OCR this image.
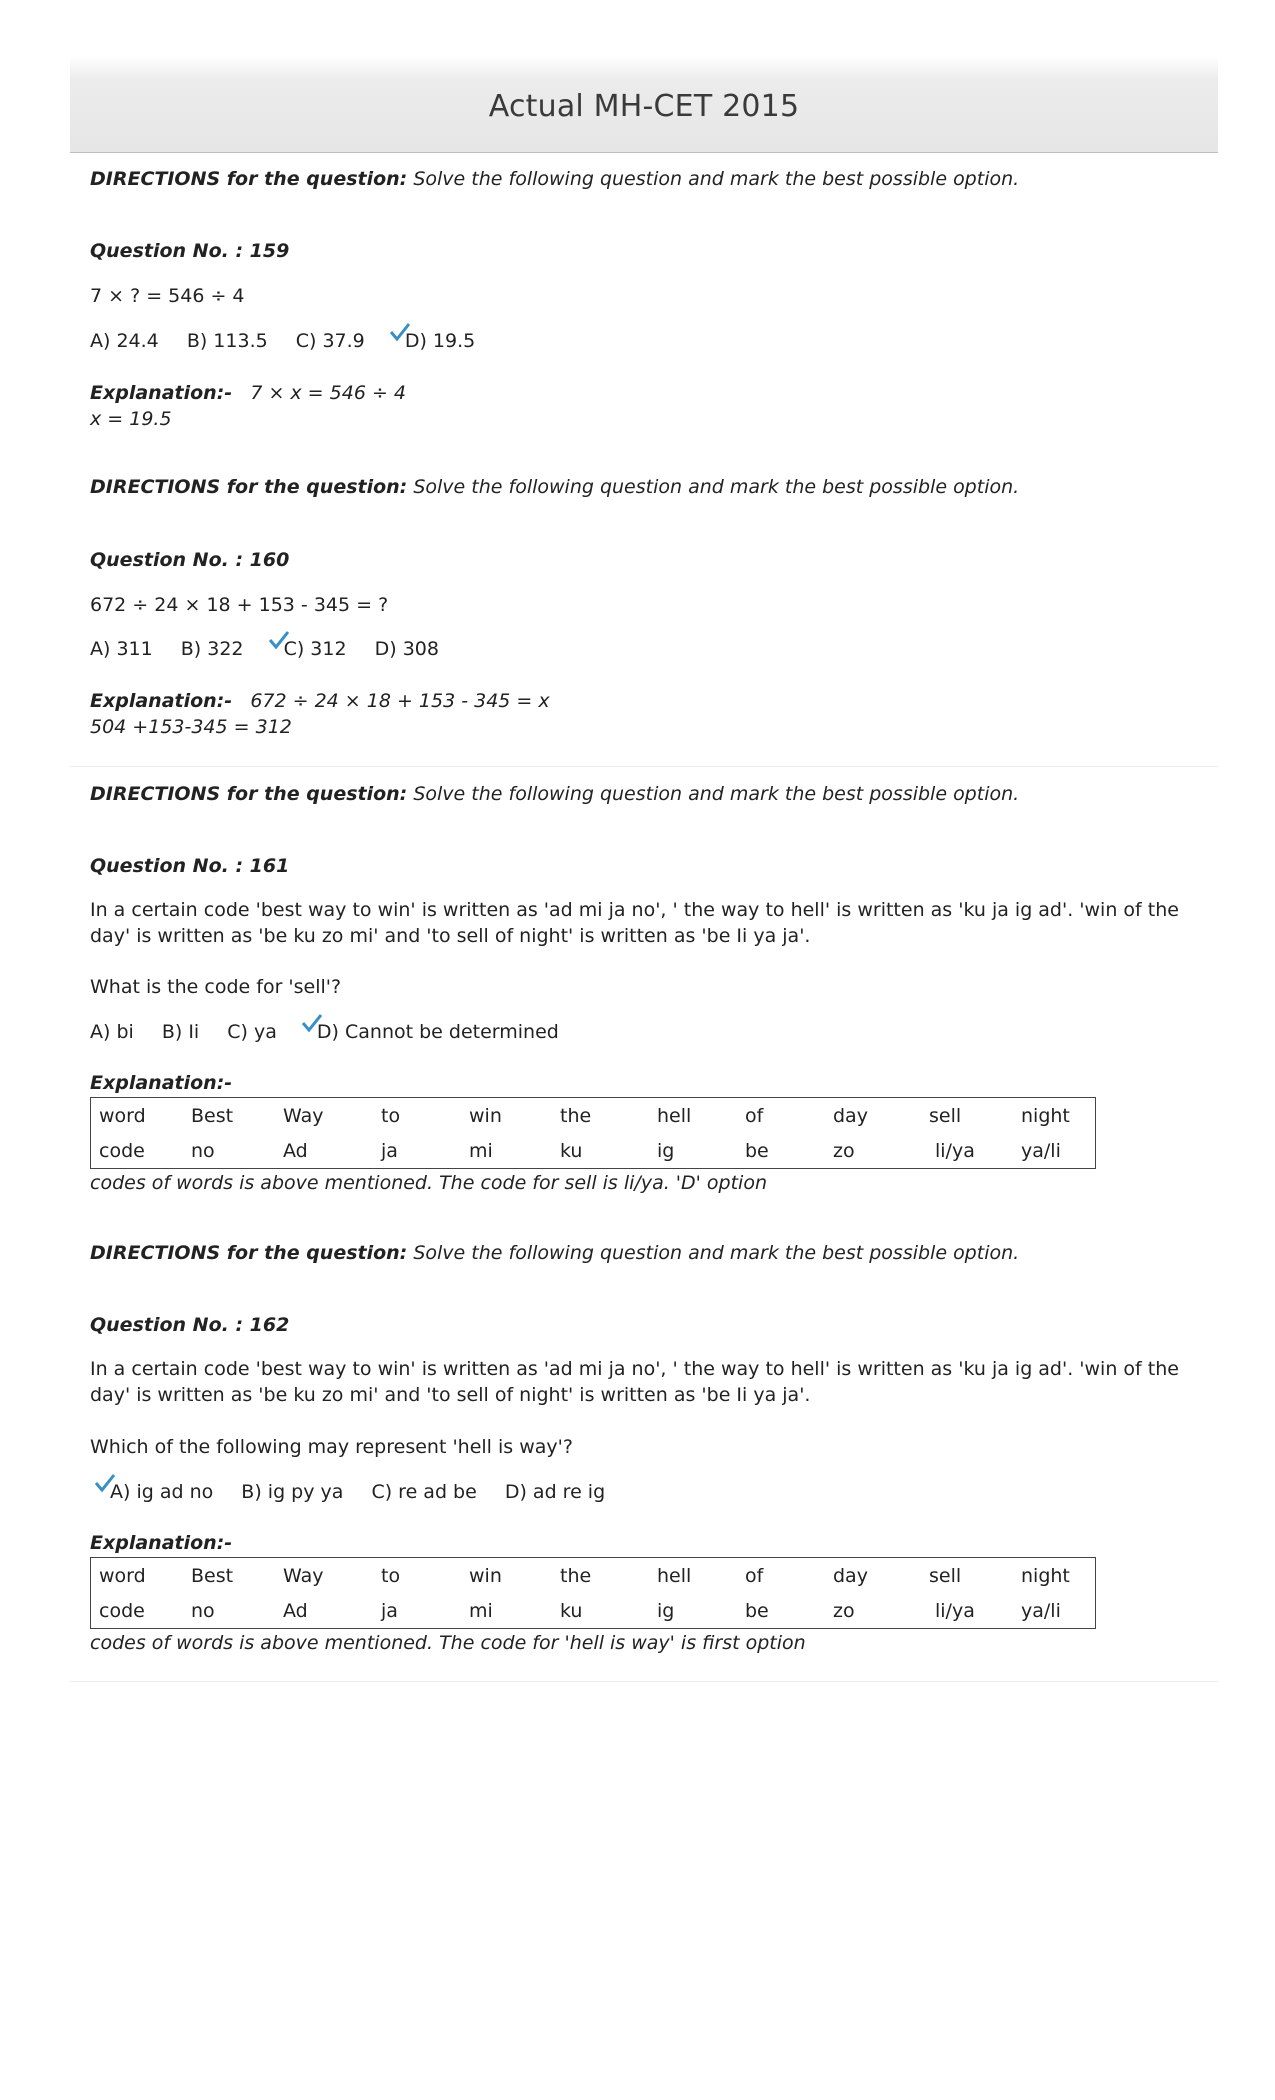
Actual MH-CET 2015
DIRECTIONS for the question: Solve the following question and mark the best possible option.
Question No. : 159
7 × ? = 546 ÷ 4
A) 24.4 B) 113.5 C) 37.9 D) 19.5
Explanation:- 7 × x = 546 ÷ 4
x = 19.5
DIRECTIONS for the question: Solve the following question and mark the best possible option.
Question No. : 160
672 ÷ 24 × 18 + 153 - 345 = ?
A) 311 B) 322 C) 312 D) 308
Explanation:- 672 ÷ 24 × 18 + 153 - 345 = x
504 +153-345 = 312
DIRECTIONS for the question: Solve the following question and mark the best possible option.
Question No. : 161
In a certain code 'best way to win' is written as 'ad mi ja no', ' the way to hell' is written as 'ku ja ig ad'. 'win of the day' is written as 'be ku zo mi' and 'to sell of night' is written as 'be Ii ya ja'.
What is the code for 'sell'?
A) bi B) Ii C) ya D) Cannot be determined
Explanation:-
word	Best	Way	to	win	the	hell	of	day	sell	night
code	no	Ad	ja	mi	ku	ig	be	zo	li/ya	ya/li
codes of words is above mentioned. The code for sell is li/ya. 'D' option
DIRECTIONS for the question: Solve the following question and mark the best possible option.
Question No. : 162
In a certain code 'best way to win' is written as 'ad mi ja no', ' the way to hell' is written as 'ku ja ig ad'. 'win of the day' is written as 'be ku zo mi' and 'to sell of night' is written as 'be Ii ya ja'.
Which of the following may represent 'hell is way'?
A) ig ad no B) ig py ya C) re ad be D) ad re ig
Explanation:-
word	Best	Way	to	win	the	hell	of	day	sell	night
code	no	Ad	ja	mi	ku	ig	be	zo	li/ya	ya/li
codes of words is above mentioned. The code for 'hell is way' is first option
